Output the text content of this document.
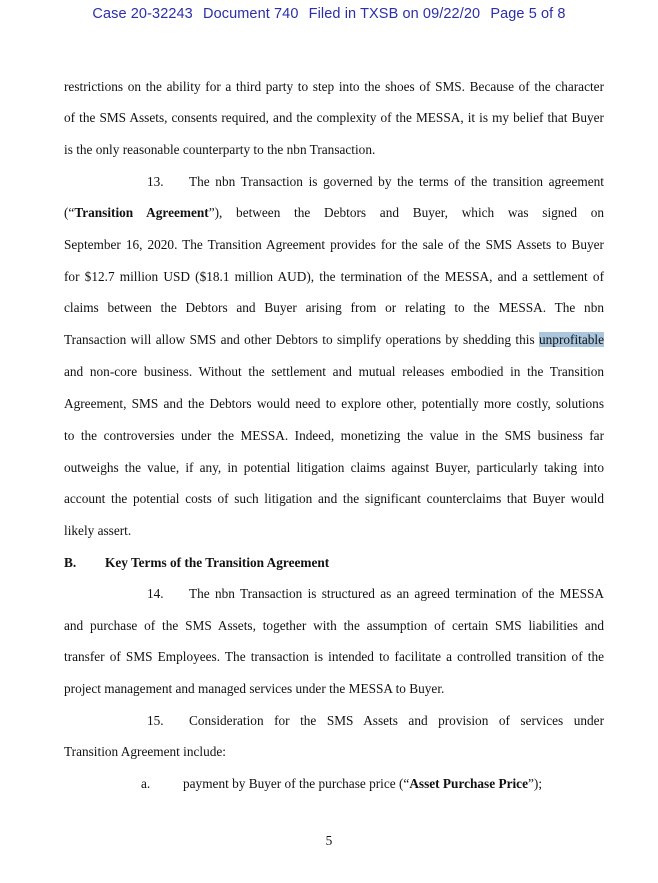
Case 20-32243 Document 740 Filed in TXSB on 09/22/20 Page 5 of 8
restrictions on the ability for a third party to step into the shoes of SMS. Because of the character
of the SMS Assets, consents required, and the complexity of the MESSA, it is my belief that Buyer
is the only reasonable counterparty to the nbn Transaction.
13.	The nbn Transaction is governed by the terms of the transition agreement
(“Transition Agreement”), between the Debtors and Buyer, which was signed on
September 16, 2020. The Transition Agreement provides for the sale of the SMS Assets to Buyer
for $12.7 million USD ($18.1 million AUD), the termination of the MESSA, and a settlement of
claims between the Debtors and Buyer arising from or relating to the MESSA. The nbn
Transaction will allow SMS and other Debtors to simplify operations by shedding this unprofitable
and non-core business. Without the settlement and mutual releases embodied in the Transition
Agreement, SMS and the Debtors would need to explore other, potentially more costly, solutions
to the controversies under the MESSA. Indeed, monetizing the value in the SMS business far
outweighs the value, if any, in potential litigation claims against Buyer, particularly taking into
account the potential costs of such litigation and the significant counterclaims that Buyer would
likely assert.
B. Key Terms of the Transition Agreement
14.	The nbn Transaction is structured as an agreed termination of the MESSA
and purchase of the SMS Assets, together with the assumption of certain SMS liabilities and
transfer of SMS Employees. The transaction is intended to facilitate a controlled transition of the
project management and managed services under the MESSA to Buyer.
15.	Consideration for the SMS Assets and provision of services under
Transition Agreement include:
a.	payment by Buyer of the purchase price (“Asset Purchase Price”);
5
